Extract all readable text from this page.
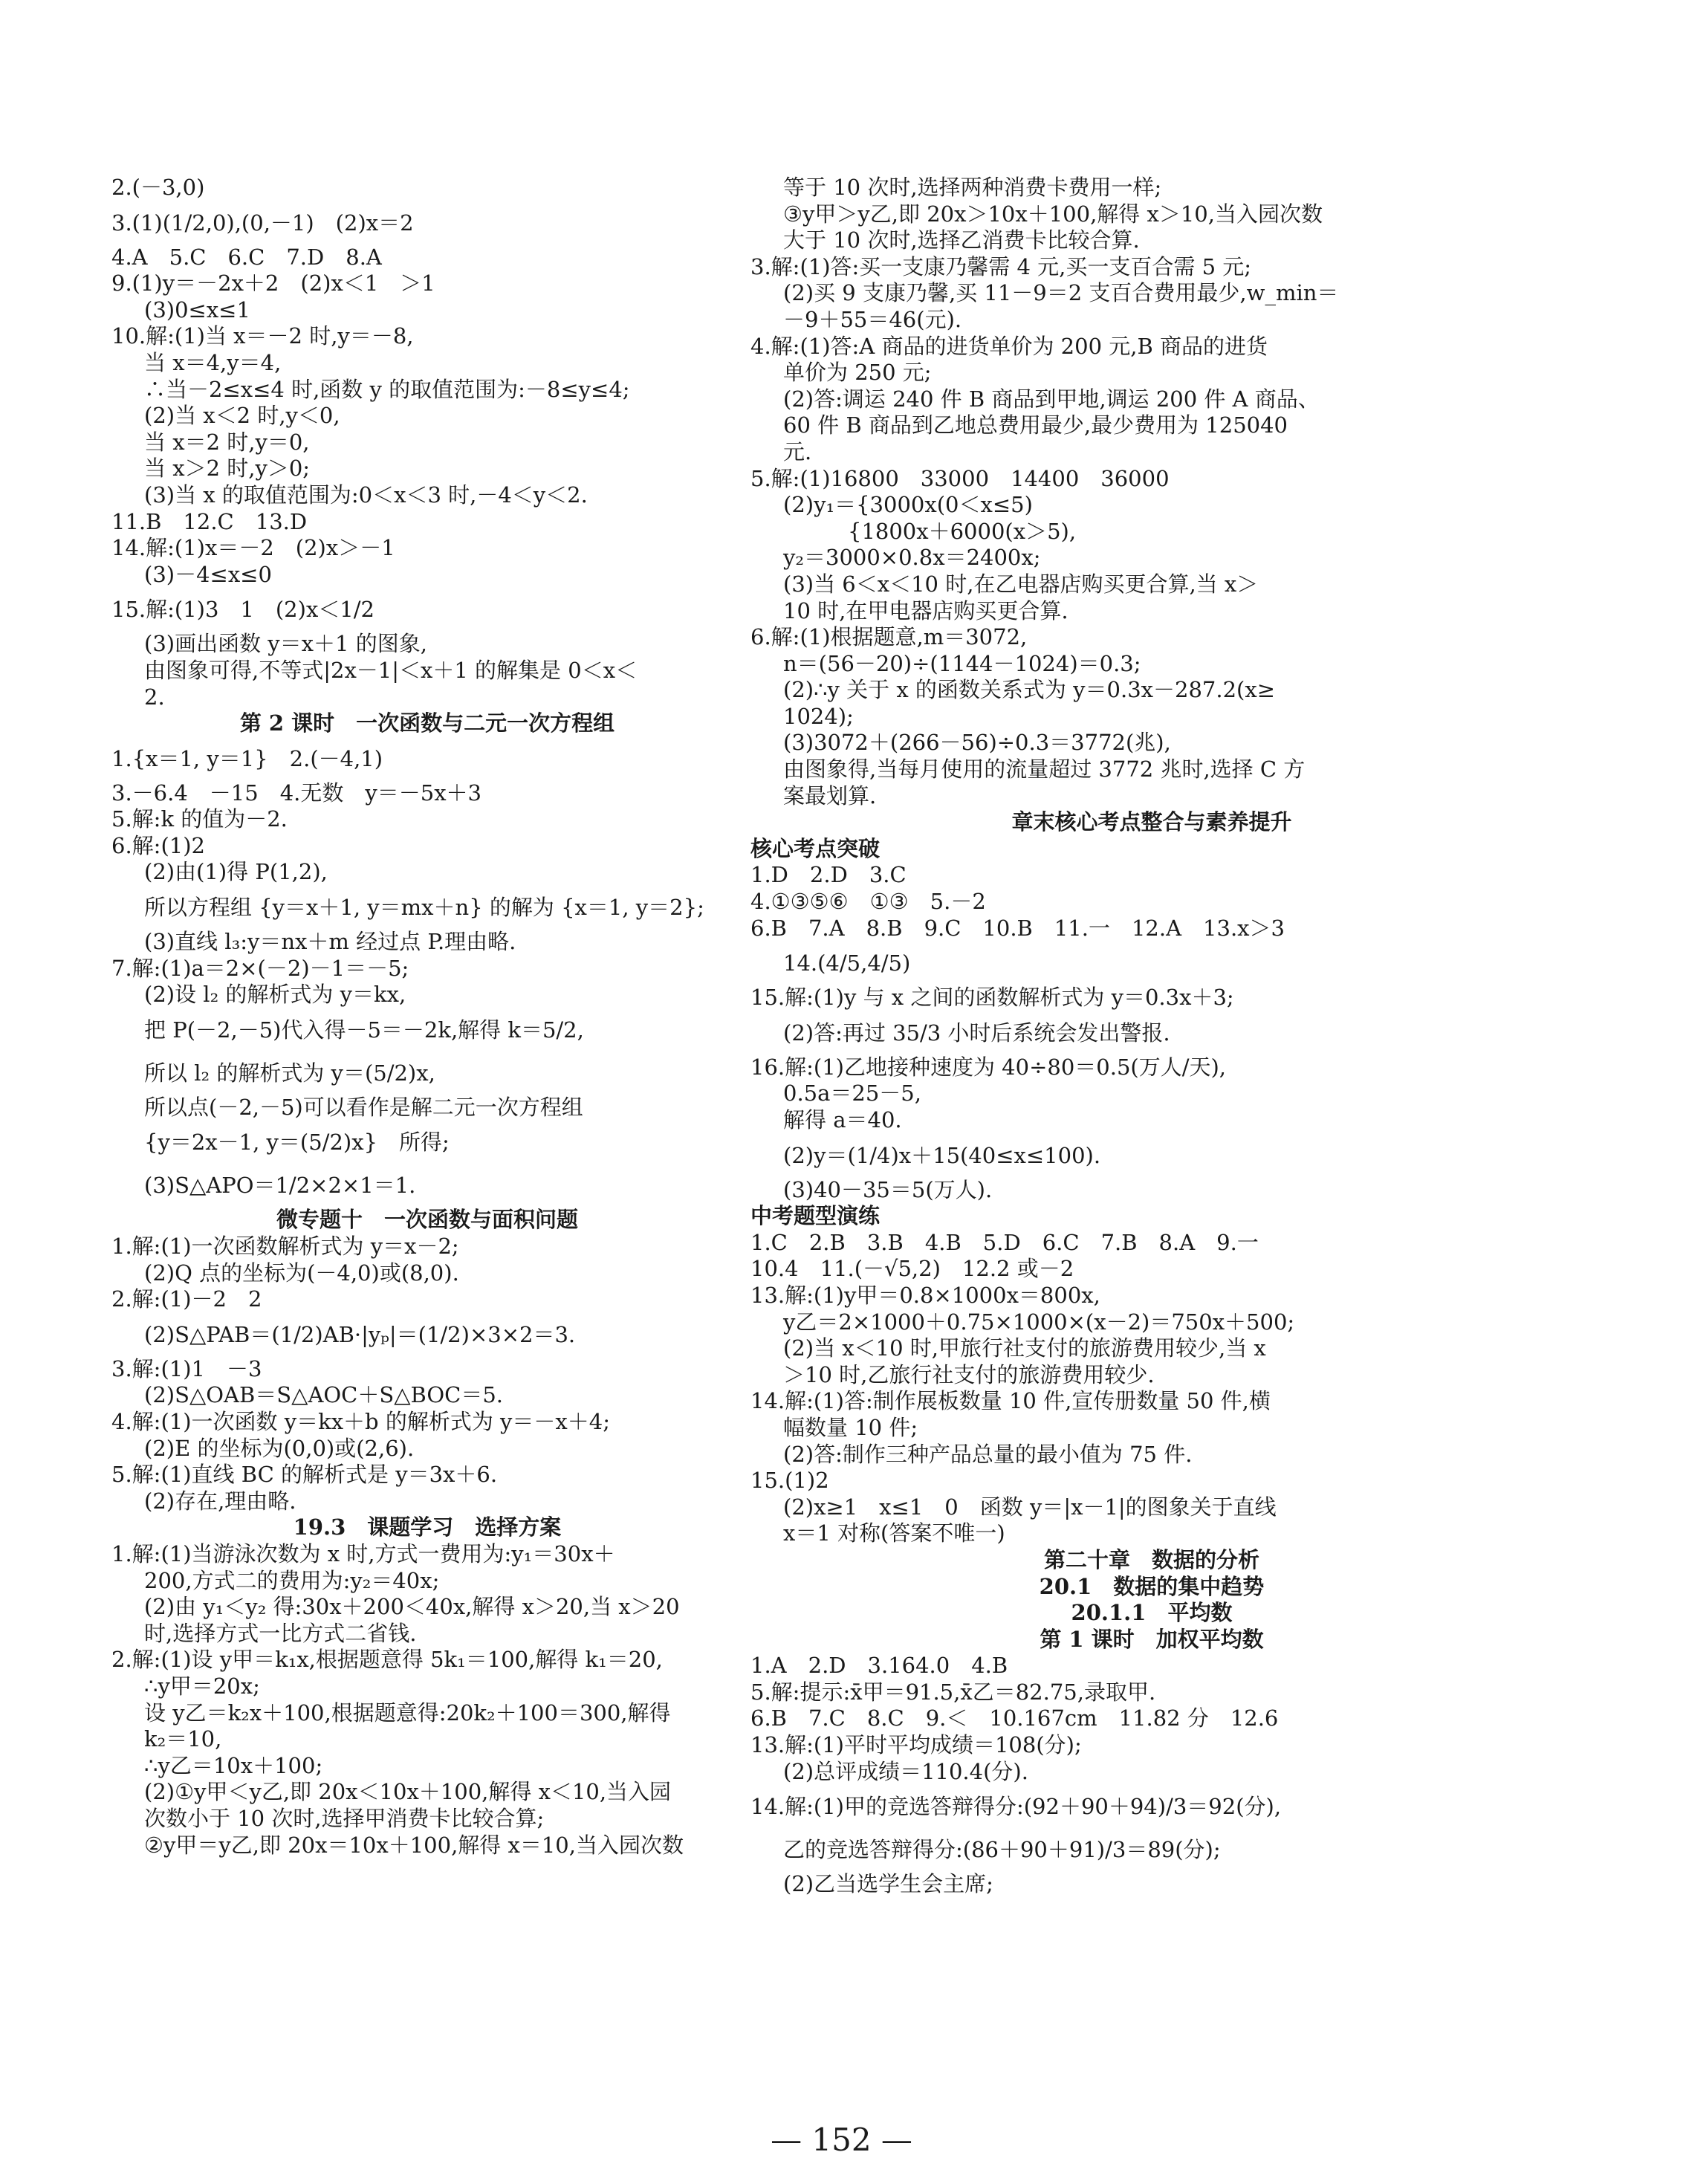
2.(－3,0)
3.(1)(1/2,0),(0,－1)　(2)x＝2
4.A　5.C　6.C　7.D　8.A
9.(1)y＝－2x＋2　(2)x＜1　＞1
(3)0≤x≤1
10.解:(1)当 x＝－2 时,y＝－8,
当 x＝4,y＝4,
∴当－2≤x≤4 时,函数 y 的取值范围为:－8≤y≤4;
(2)当 x＜2 时,y＜0,
当 x＝2 时,y＝0,
当 x＞2 时,y＞0;
(3)当 x 的取值范围为:0＜x＜3 时,－4＜y＜2.
11.B　12.C　13.D
14.解:(1)x＝－2　(2)x＞－1
(3)－4≤x≤0
15.解:(1)3　1　(2)x＜1/2
(3)画出函数 y＝x＋1 的图象,
由图象可得,不等式|2x－1|＜x＋1 的解集是 0＜x＜
2.
第 2 课时　一次函数与二元一次方程组
1.{x＝1, y＝1}　2.(－4,1)
3.－6.4　－15　4.无数　y＝－5x＋3
5.解:k 的值为－2.
6.解:(1)2
(2)由(1)得 P(1,2),
所以方程组 {y＝x＋1, y＝mx＋n} 的解为 {x＝1, y＝2};
(3)直线 l₃:y＝nx＋m 经过点 P.理由略.
7.解:(1)a＝2×(－2)－1＝－5;
(2)设 l₂ 的解析式为 y＝kx,
把 P(－2,－5)代入得－5＝－2k,解得 k＝5/2,
所以 l₂ 的解析式为 y＝(5/2)x,
所以点(－2,－5)可以看作是解二元一次方程组
{y＝2x－1, y＝(5/2)x}　所得;
(3)S△APO＝1/2×2×1＝1.
微专题十　一次函数与面积问题
1.解:(1)一次函数解析式为 y＝x－2;
(2)Q 点的坐标为(－4,0)或(8,0).
2.解:(1)－2　2
(2)S△PAB＝(1/2)AB·|yₚ|＝(1/2)×3×2＝3.
3.解:(1)1　－3
(2)S△OAB＝S△AOC＋S△BOC＝5.
4.解:(1)一次函数 y＝kx＋b 的解析式为 y＝－x＋4;
(2)E 的坐标为(0,0)或(2,6).
5.解:(1)直线 BC 的解析式是 y＝3x＋6.
(2)存在,理由略.
19.3　课题学习　选择方案
1.解:(1)当游泳次数为 x 时,方式一费用为:y₁＝30x＋
200,方式二的费用为:y₂＝40x;
(2)由 y₁＜y₂ 得:30x＋200＜40x,解得 x＞20,当 x＞20
时,选择方式一比方式二省钱.
2.解:(1)设 y甲＝k₁x,根据题意得 5k₁＝100,解得 k₁＝20,
∴y甲＝20x;
设 y乙＝k₂x＋100,根据题意得:20k₂＋100＝300,解得
k₂＝10,
∴y乙＝10x＋100;
(2)①y甲＜y乙,即 20x＜10x＋100,解得 x＜10,当入园
次数小于 10 次时,选择甲消费卡比较合算;
②y甲＝y乙,即 20x＝10x＋100,解得 x＝10,当入园次数
等于 10 次时,选择两种消费卡费用一样;
③y甲＞y乙,即 20x＞10x＋100,解得 x＞10,当入园次数
大于 10 次时,选择乙消费卡比较合算.
3.解:(1)答:买一支康乃馨需 4 元,买一支百合需 5 元;
(2)买 9 支康乃馨,买 11－9＝2 支百合费用最少,w_min＝
－9＋55＝46(元).
4.解:(1)答:A 商品的进货单价为 200 元,B 商品的进货
单价为 250 元;
(2)答:调运 240 件 B 商品到甲地,调运 200 件 A 商品、
60 件 B 商品到乙地总费用最少,最少费用为 125040
元.
5.解:(1)16800　33000　14400　36000
(2)y₁＝{3000x(0＜x≤5)
　　　{1800x＋6000(x＞5),
y₂＝3000×0.8x＝2400x;
(3)当 6＜x＜10 时,在乙电器店购买更合算,当 x＞
10 时,在甲电器店购买更合算.
6.解:(1)根据题意,m＝3072,
n＝(56－20)÷(1144－1024)＝0.3;
(2)∴y 关于 x 的函数关系式为 y＝0.3x－287.2(x≥
1024);
(3)3072＋(266－56)÷0.3＝3772(兆),
由图象得,当每月使用的流量超过 3772 兆时,选择 C 方
案最划算.
章末核心考点整合与素养提升
核心考点突破
1.D　2.D　3.C
4.①③⑤⑥　①③　5.－2
6.B　7.A　8.B　9.C　10.B　11.一　12.A　13.x＞3
14.(4/5,4/5)
15.解:(1)y 与 x 之间的函数解析式为 y＝0.3x＋3;
(2)答:再过 35/3 小时后系统会发出警报.
16.解:(1)乙地接种速度为 40÷80＝0.5(万人/天),
0.5a＝25－5,
解得 a＝40.
(2)y＝(1/4)x＋15(40≤x≤100).
(3)40－35＝5(万人).
中考题型演练
1.C　2.B　3.B　4.B　5.D　6.C　7.B　8.A　9.一
10.4　11.(－√5,2)　12.2 或－2
13.解:(1)y甲＝0.8×1000x＝800x,
y乙＝2×1000＋0.75×1000×(x－2)＝750x＋500;
(2)当 x＜10 时,甲旅行社支付的旅游费用较少,当 x
＞10 时,乙旅行社支付的旅游费用较少.
14.解:(1)答:制作展板数量 10 件,宣传册数量 50 件,横
幅数量 10 件;
(2)答:制作三种产品总量的最小值为 75 件.
15.(1)2
(2)x≥1　x≤1　0　函数 y＝|x－1|的图象关于直线
x＝1 对称(答案不唯一)
第二十章　数据的分析
20.1　数据的集中趋势
20.1.1　平均数
第 1 课时　加权平均数
1.A　2.D　3.164.0　4.B
5.解:提示:x̄甲＝91.5,x̄乙＝82.75,录取甲.
6.B　7.C　8.C　9.＜　10.167cm　11.82 分　12.6
13.解:(1)平时平均成绩＝108(分);
(2)总评成绩＝110.4(分).
14.解:(1)甲的竞选答辩得分:(92＋90＋94)/3＝92(分),
乙的竞选答辩得分:(86＋90＋91)/3＝89(分);
(2)乙当选学生会主席;
— 152 —
